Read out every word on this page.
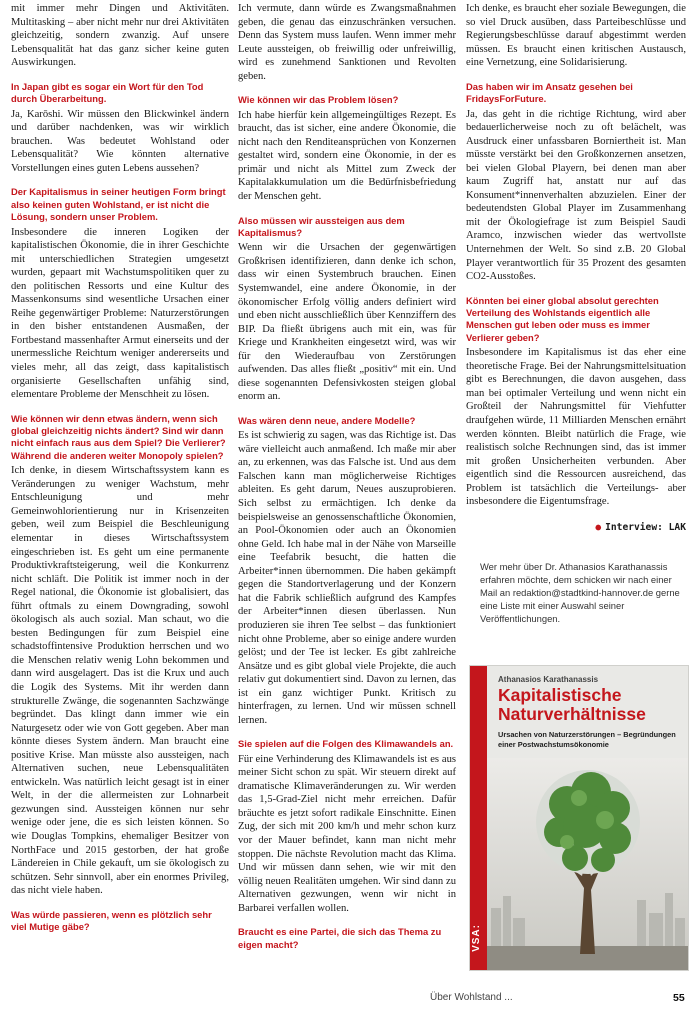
mit immer mehr Dingen und Aktivitäten. Multitasking – aber nicht mehr nur drei Aktivitäten gleichzeitig, sondern zwanzig. Auf unsere Lebensqualität hat das ganz sicher keine guten Auswirkungen.

In Japan gibt es sogar ein Wort für den Tod durch Überarbeitung.

Ja, Karōshi. Wir müssen den Blickwinkel ändern und darüber nachdenken, was wir wirklich brauchen. Was bedeutet Wohlstand oder Lebensqualität? Wie könnten alternative Vorstellungen eines guten Lebens aussehen?

Der Kapitalismus in seiner heutigen Form bringt also keinen guten Wohlstand, er ist nicht die Lösung, sondern unser Problem.

Insbesondere die inneren Logiken der kapitalistischen Ökonomie, die in ihrer Geschichte mit unterschiedlichen Strategien umgesetzt wurden, gepaart mit Wachstumspolitiken quer zu den politischen Ressorts und eine Kultur des Massenkonsums sind wesentliche Ursachen einer Reihe gegenwärtiger Probleme: Naturzerstörungen in den bisher entstandenen Ausmaßen, der Fortbestand massenhafter Armut einerseits und der unermessliche Reichtum weniger andererseits und vieles mehr, all das zeigt, dass kapitalistisch organisierte Gesellschaften unfähig sind, elementare Probleme der Menschheit zu lösen.

Wie können wir denn etwas ändern, wenn sich global gleichzeitig nichts ändert? Sind wir dann nicht einfach raus aus dem Spiel? Die Verlierer? Während die anderen weiter Monopoly spielen?

Ich denke, in diesem Wirtschaftssystem kann es Veränderungen zu weniger Wachstum, mehr Entschleunigung und mehr Gemeinwohlorientierung nur in Krisenzeiten geben, weil zum Beispiel die Beschleunigung elementar in dieses Wirtschaftssystem eingeschrieben ist. Es geht um eine permanente Produktivkraftsteigerung, weil die Konkurrenz nicht schläft. Die Politik ist immer noch in der Regel national, die Ökonomie ist globalisiert, das führt oftmals zu einem Downgrading, sowohl ökologisch als auch sozial. Man schaut, wo die besten Bedingungen für zum Beispiel eine schadstoffintensive Produktion herrschen und wo die Menschen relativ wenig Lohn bekommen und dann wird ausgelagert. Das ist die Krux und auch die Logik des Systems. Mit ihr werden dann strukturelle Zwänge, die sogenannten Sachzwänge begründet. Das klingt dann immer wie ein Naturgesetz oder wie von Gott gegeben. Aber man könnte dieses System ändern. Man braucht eine positive Krise. Man müsste also aussteigen, nach Alternativen suchen, neue Lebensqualitäten entwickeln. Was natürlich leicht gesagt ist in einer Welt, in der die allermeisten zur Lohnarbeit gezwungen sind. Aussteigen können nur sehr wenige oder jene, die es sich leisten können. So wie Douglas Tompkins, ehemaliger Besitzer von NorthFace und 2015 gestorben, der hat große Ländereien in Chile gekauft, um sie ökologisch zu schützen. Sehr sinnvoll, aber ein enormes Privileg, das nicht viele haben.

Was würde passieren, wenn es plötzlich sehr viel Mutige gäbe?

Ich vermute, dann würde es Zwangsmaßnahmen geben, die genau das einzuschränken versuchen. Denn das System muss laufen. Wenn immer mehr Leute aussteigen, ob freiwillig oder unfreiwillig, wird es zunehmend Sanktionen und Revolten geben.

Wie können wir das Problem lösen?

Ich habe hierfür kein allgemeingültiges Rezept. Es braucht, das ist sicher, eine andere Ökonomie, die nicht nach den Renditeansprüchen von Konzernen gestaltet wird, sondern eine Ökonomie, in der es primär und nicht als Mittel zum Zweck der Kapitalakkumulation um die Bedürfnisbefriedung der Menschen geht.

Also müssen wir aussteigen aus dem Kapitalismus?

Wenn wir die Ursachen der gegenwärtigen Großkrisen identifizieren, dann denke ich schon, dass wir einen Systembruch brauchen. Einen Systemwandel, eine andere Ökonomie, in der ökonomischer Erfolg völlig anders definiert wird und eben nicht ausschließlich über Kennziffern des BIP. Da fließt übrigens auch mit ein, was für Kriege und Krankheiten eingesetzt wird, was wir für den Wiederaufbau von Zerstörungen aufwenden. Das alles fließt „positiv“ mit ein. Und diese sogenannten Defensivkosten steigen global enorm an.

Was wären denn neue, andere Modelle?

Es ist schwierig zu sagen, was das Richtige ist. Das wäre vielleicht auch anmaßend. Ich maße mir aber an, zu erkennen, was das Falsche ist. Und aus dem Falschen kann man möglicherweise Richtiges ableiten. Es geht darum, Neues auszuprobieren. Sich selbst zu ermächtigen. Ich denke da beispielsweise an genossenschaftliche Ökonomien, an Pool-Ökonomien oder auch an Ökonomien ohne Geld. Ich habe mal in der Nähe von Marseille eine Teefabrik besucht, die hatten die Arbeiter*innen übernommen. Die haben gekämpft gegen die Standortverlagerung und der Konzern hat die Fabrik schließlich aufgrund des Kampfes der Arbeiter*innen diesen überlassen. Nun produzieren sie ihren Tee selbst – das funktioniert nicht ohne Probleme, aber so einige andere wurden gelöst; und der Tee ist lecker. Es gibt zahlreiche Ansätze und es gibt global viele Projekte, die auch relativ gut dokumentiert sind. Davon zu lernen, das ist ein ganz wichtiger Punkt. Kritisch zu hinterfragen, zu lernen. Und wir müssen schnell lernen.

Sie spielen auf die Folgen des Klimawandels an.

Für eine Verhinderung des Klimawandels ist es aus meiner Sicht schon zu spät. Wir steuern direkt auf dramatische Klimaveränderungen zu. Wir werden das 1,5-Grad-Ziel nicht mehr erreichen. Dafür bräuchte es jetzt sofort radikale Einschnitte. Einen Zug, der sich mit 200 km/h und mehr schon kurz vor der Mauer befindet, kann man nicht mehr stoppen. Die nächste Revolution macht das Klima. Und wir müssen dann sehen, wie wir mit den völlig neuen Realitäten umgehen. Wir sind dann zu Alternativen gezwungen, wenn wir nicht in Barbarei verfallen wollen.

Braucht es eine Partei, die sich das Thema zu eigen macht?

Ich denke, es braucht eher soziale Bewegungen, die so viel Druck ausüben, dass Parteibeschlüsse und Regierungsbeschlüsse darauf abgestimmt werden müssen. Es braucht einen kritischen Austausch, eine Vernetzung, eine Solidarisierung.

Das haben wir im Ansatz gesehen bei FridaysForFuture.

Ja, das geht in die richtige Richtung, wird aber bedauerlicherweise noch zu oft belächelt, was Ausdruck einer unfassbaren Borniertheit ist. Man müsste verstärkt bei den Großkonzernen ansetzen, bei vielen Global Playern, bei denen man aber kaum Zugriff hat, anstatt nur auf das Konsument*innenverhalten abzuzielen. Einer der bedeutendsten Global Player im Zusammenhang mit der Ökologiefrage ist zum Beispiel Saudi Aramco, inzwischen wieder das wertvollste Unternehmen der Welt. So sind z.B. 20 Global Player verantwortlich für 35 Prozent des gesamten CO2-Ausstoßes.

Könnten bei einer global absolut gerechten Verteilung des Wohlstands eigentlich alle Menschen gut leben oder muss es immer Verlierer geben?

Insbesondere im Kapitalismus ist das eher eine theoretische Frage. Bei der Nahrungsmittelsituation gibt es Berechnungen, die davon ausgehen, dass man bei optimaler Verteilung und wenn nicht ein Großteil der Nahrungsmittel für Viehfutter draufgehen würde, 11 Milliarden Menschen ernährt werden könnten. Bleibt natürlich die Frage, wie realistisch solche Rechnungen sind, das ist immer mit großen Unsicherheiten verbunden. Aber eigentlich sind die Ressourcen ausreichend, das Problem ist tatsächlich die Verteilungs- aber insbesondere die Eigentumsfrage.

● Interview: LAK

Wer mehr über Dr. Athanasios Karathanassis erfahren möchte, dem schicken wir nach einer Mail an redaktion@stadtkind-hannover.de gerne eine Liste mit einer Auswahl seiner Veröffentlichungen.

VSA:
Athanasios Karathanassis
Kapitalistische
Naturverhältnisse
Ursachen von Naturzerstörungen – Begründungen einer Postwachstumsökonomie
Über Wohlstand ...	55
